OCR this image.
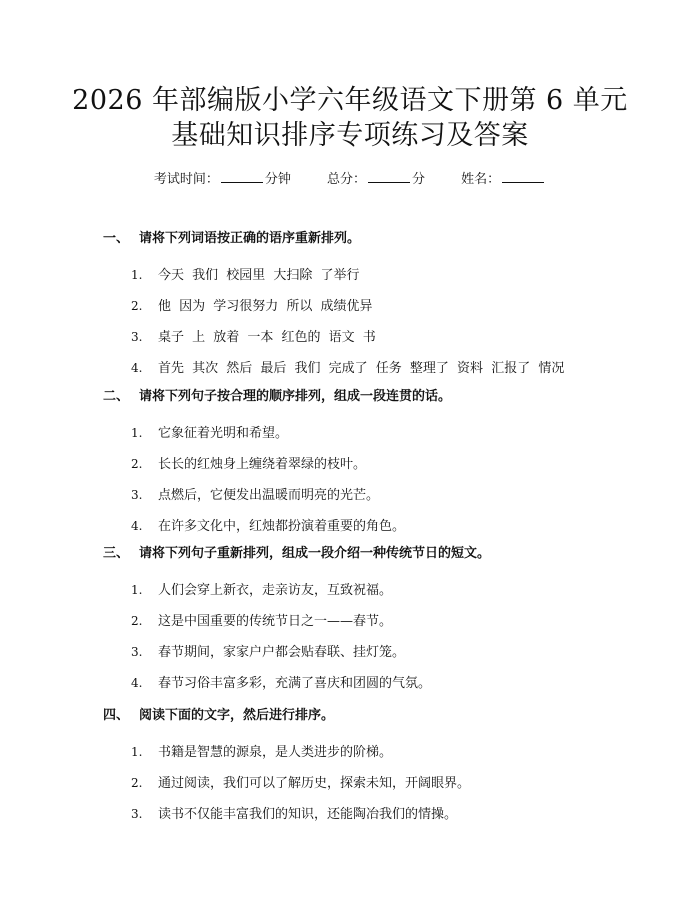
2026 年部编版小学六年级语文下册第 6 单元
基础知识排序专项练习及答案
考试时间：	分钟	总分：	分	姓名：
一、 请将下列词语按正确的语序重新排列。
1. 今天 我们 校园里 大扫除 了举行
2. 他 因为 学习很努力 所以 成绩优异
3. 桌子 上 放着 一本 红色的 语文 书
4. 首先 其次 然后 最后 我们 完成了 任务 整理了 资料 汇报了 情况
二、 请将下列句子按合理的顺序排列，组成一段连贯的话。
1. 它象征着光明和希望。
2. 长长的红烛身上缠绕着翠绿的枝叶。
3. 点燃后，它便发出温暖而明亮的光芒。
4. 在许多文化中，红烛都扮演着重要的角色。
三、 请将下列句子重新排列，组成一段介绍一种传统节日的短文。
1. 人们会穿上新衣，走亲访友，互致祝福。
2. 这是中国重要的传统节日之一——春节。
3. 春节期间，家家户户都会贴春联、挂灯笼。
4. 春节习俗丰富多彩，充满了喜庆和团圆的气氛。
四、 阅读下面的文字，然后进行排序。
1. 书籍是智慧的源泉，是人类进步的阶梯。
2. 通过阅读，我们可以了解历史，探索未知，开阔眼界。
3. 读书不仅能丰富我们的知识，还能陶冶我们的情操。
